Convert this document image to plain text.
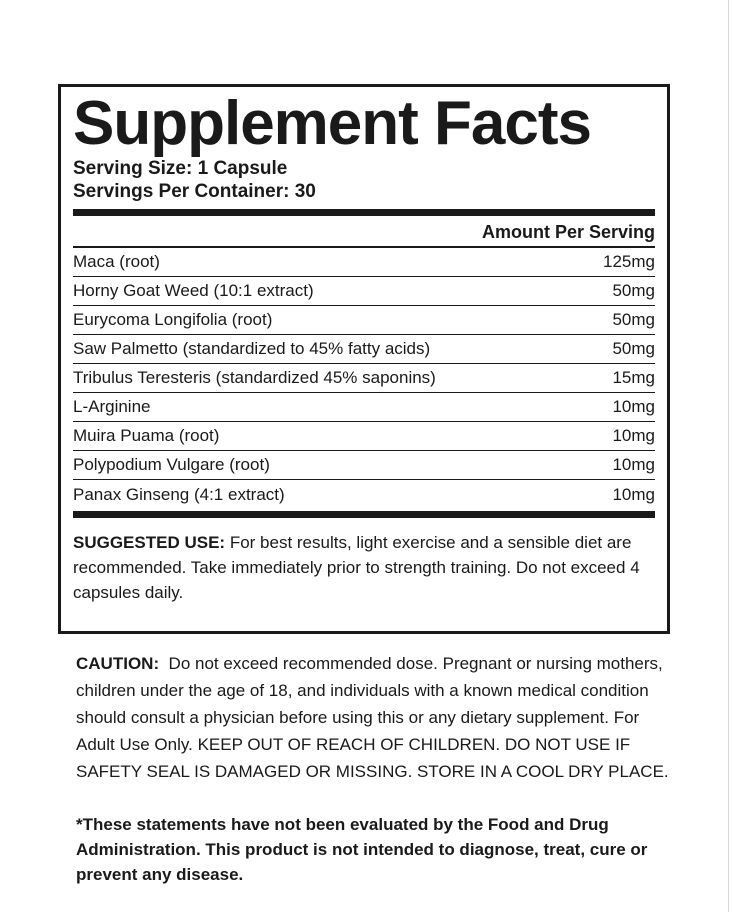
Supplement Facts
Serving Size: 1 Capsule
Servings Per Container: 30
Amount Per Serving
Maca (root)	125mg
Horny Goat Weed (10:1 extract)	50mg
Eurycoma Longifolia (root)	50mg
Saw Palmetto (standardized to 45% fatty acids)	50mg
Tribulus Teresteris (standardized 45% saponins)	15mg
L-Arginine	10mg
Muira Puama (root)	10mg
Polypodium Vulgare (root)	10mg
Panax Ginseng (4:1 extract)	10mg
SUGGESTED USE: For best results, light exercise and a sensible diet are recommended. Take immediately prior to strength training. Do not exceed 4 capsules daily.
CAUTION:  Do not exceed recommended dose. Pregnant or nursing mothers, children under the age of 18, and individuals with a known medical condition should consult a physician before using this or any dietary supplement. For Adult Use Only. KEEP OUT OF REACH OF CHILDREN. DO NOT USE IF SAFETY SEAL IS DAMAGED OR MISSING. STORE IN A COOL DRY PLACE.
*These statements have not been evaluated by the Food and Drug Administration. This product is not intended to diagnose, treat, cure or prevent any disease.
